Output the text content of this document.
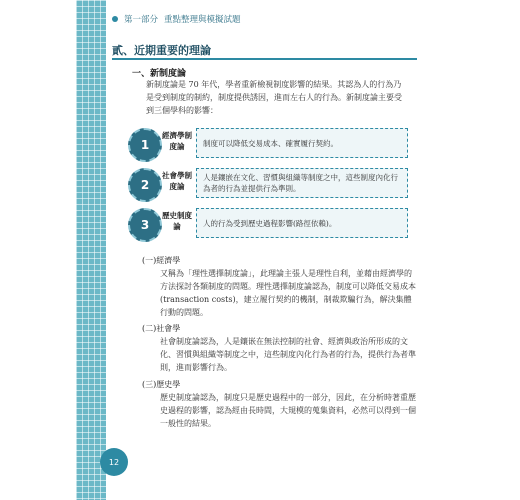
第一部分 重點整理與模擬試題
貳、近期重要的理論
一、新制度論
新制度論是 70 年代，學者重新檢視制度影響的結果。其認為人的行為乃是受到制度的制約，制度提供誘因，進而左右人的行為。新制度論主要受到三個學科的影響：
1
經濟學制度論	制度可以降低交易成本、確實履行契約。
2
社會學制度論
人是鑲嵌在文化、習慣與組織等制度之中，這些制度內化行為者的行為並提供行為準則。
3
歷史制度論	人的行為受到歷史過程影響(路徑依賴)。
(一)經濟學

又稱為「理性選擇制度論」，此理論主張人是理性自利，並藉由經濟學的方法探討各類制度的問題。理性選擇制度論認為，制度可以降低交易成本(transaction costs)，建立履行契約的機制，制裁欺騙行為，解決集體行動的問題。

(二)社會學

社會制度論認為，人是鑲嵌在無法控制的社會、經濟與政治所形成的文化、習慣與組織等制度之中，這些制度內化行為者的行為，提供行為者準則，進而影響行為。

(三)歷史學

歷史制度論認為，制度只是歷史過程中的一部分，因此，在分析時著重歷史過程的影響，認為經由長時間，大規模的蒐集資料，必然可以得到一個一般性的結果。

12
